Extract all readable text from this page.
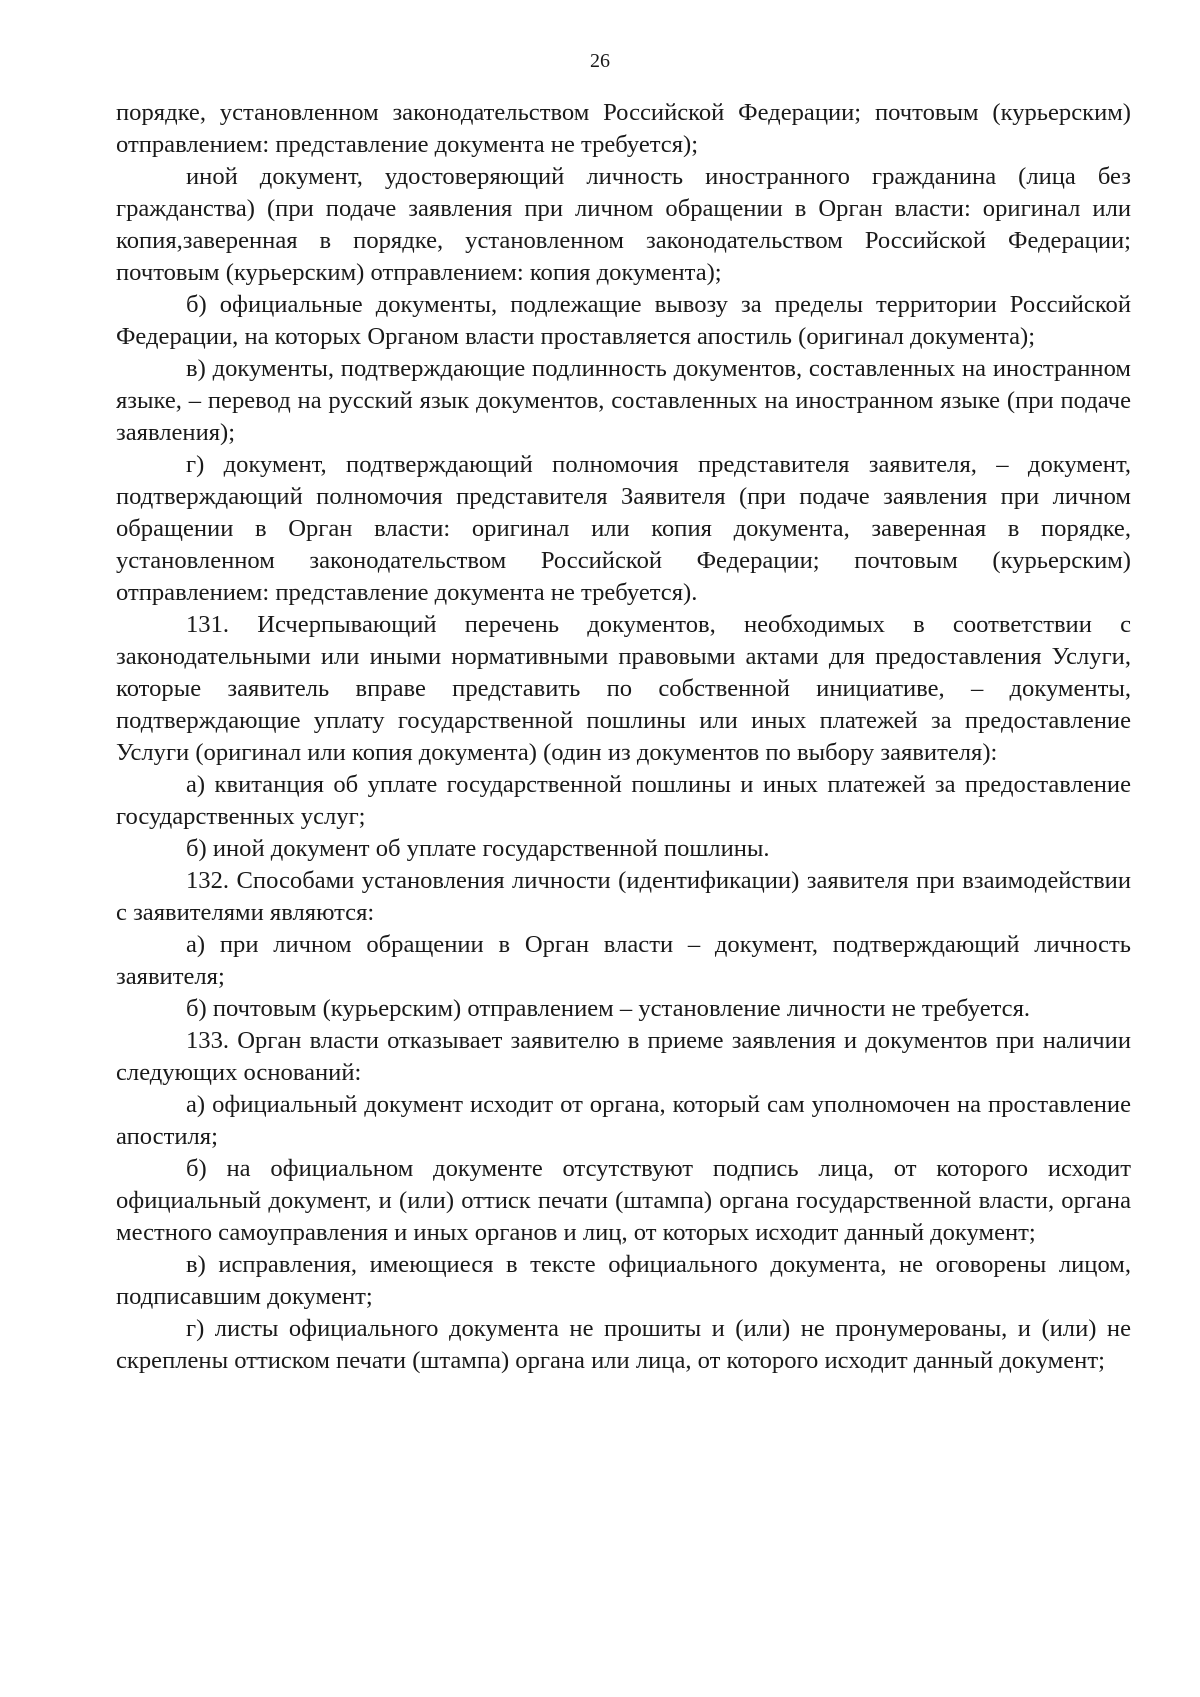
26

порядке, установленном законодательством Российской Федерации; почтовым (курьерским) отправлением: представление документа не требуется);

иной документ, удостоверяющий личность иностранного гражданина (лица без гражданства) (при подаче заявления при личном обращении в Орган власти: оригинал или копия,заверенная в порядке, установленном законодательством Российской Федерации; почтовым (курьерским) отправлением: копия документа);

б) официальные документы, подлежащие вывозу за пределы территории Российской Федерации, на которых Органом власти проставляется апостиль (оригинал документа);

в) документы, подтверждающие подлинность документов, составленных на иностранном языке, – перевод на русский язык документов, составленных на иностранном языке (при подаче заявления);

г) документ, подтверждающий полномочия представителя заявителя, – документ, подтверждающий полномочия представителя Заявителя (при подаче заявления при личном обращении в Орган власти: оригинал или копия документа, заверенная в порядке, установленном законодательством Российской Федерации; почтовым (курьерским) отправлением: представление документа не требуется).

131. Исчерпывающий перечень документов, необходимых в соответствии с законодательными или иными нормативными правовыми актами для предоставления Услуги, которые заявитель вправе представить по собственной инициативе, – документы, подтверждающие уплату государственной пошлины или иных платежей за предоставление Услуги (оригинал или копия документа) (один из документов по выбору заявителя):

а) квитанция об уплате государственной пошлины и иных платежей за предоставление государственных услуг;

б) иной документ об уплате государственной пошлины.

132. Способами установления личности (идентификации) заявителя при взаимодействии с заявителями являются:

а) при личном обращении в Орган власти – документ, подтверждающий личность заявителя;

б) почтовым (курьерским) отправлением – установление личности не требуется.

133. Орган власти отказывает заявителю в приеме заявления и документов при наличии следующих оснований:

а) официальный документ исходит от органа, который сам уполномочен на проставление апостиля;

б) на официальном документе отсутствуют подпись лица, от которого исходит официальный документ, и (или) оттиск печати (штампа) органа государственной власти, органа местного самоуправления и иных органов и лиц, от которых исходит данный документ;

в) исправления, имеющиеся в тексте официального документа, не оговорены лицом, подписавшим документ;

г) листы официального документа не прошиты и (или) не пронумерованы, и (или) не скреплены оттиском печати (штампа) органа или лица, от которого исходит данный документ;
